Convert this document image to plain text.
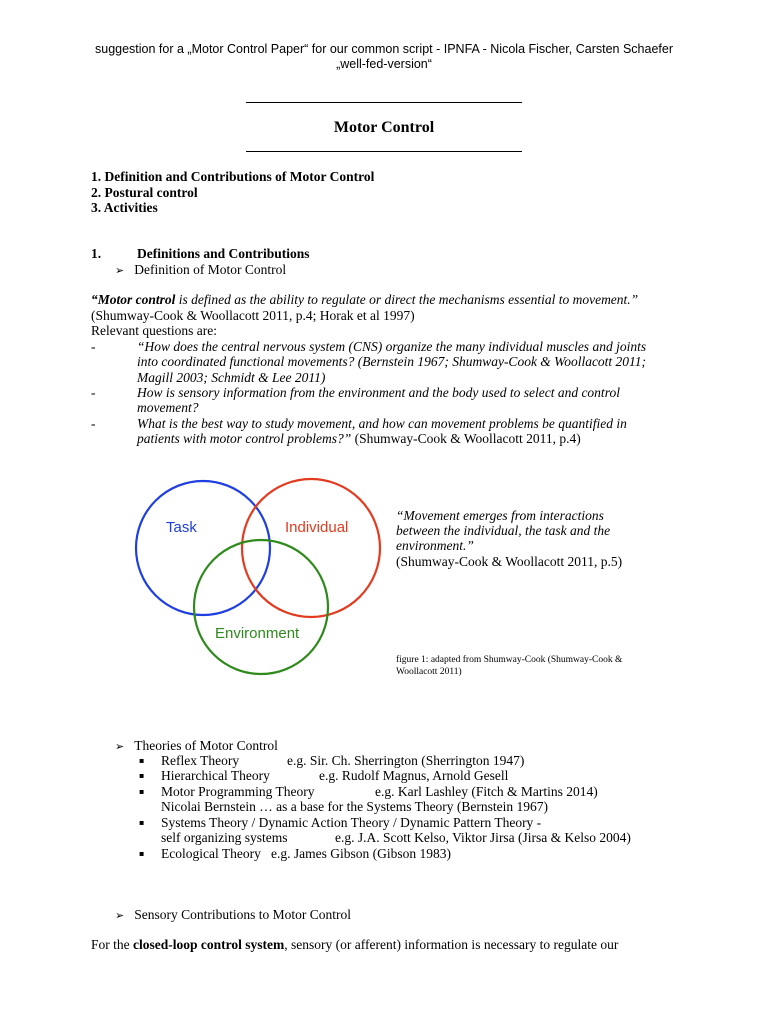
suggestion for a „Motor Control Paper“ for our common script - IPNFA - Nicola Fischer, Carsten Schaefer
„well-fed-version“
Motor Control
1. Definition and Contributions of Motor Control
2. Postural control
3. Activities
1.	Definitions and Contributions
➢ Definition of Motor Control
“Motor control is defined as the ability to regulate or direct the mechanisms essential to movement.”
(Shumway-Cook & Woollacott 2011, p.4; Horak et al 1997)
Relevant questions are:
-	“How does the central nervous system (CNS) organize the many individual muscles and joints
into coordinated functional movements? (Bernstein 1967; Shumway-Cook & Woollacott 2011;
Magill 2003; Schmidt & Lee 2011)
-	How is sensory information from the environment and the body used to select and control
movement?
-	What is the best way to study movement, and how can movement problems be quantified in
patients with motor control problems?” (Shumway-Cook & Woollacott 2011, p.4)
Task	Individual
Environment
“Movement emerges from interactions
between the individual, the task and the
environment.”
(Shumway-Cook & Woollacott 2011, p.5)
figure 1: adapted from Shumway-Cook (Shumway-Cook &
Woollacott 2011)
➢ Theories of Motor Control
▪ Reflex Theory	e.g. Sir. Ch. Sherrington (Sherrington 1947)
▪ Hierarchical Theory	e.g. Rudolf Magnus, Arnold Gesell
▪ Motor Programming Theory	e.g. Karl Lashley (Fitch & Martins 2014)
Nicolai Bernstein … as a base for the Systems Theory (Bernstein 1967)
▪ Systems Theory / Dynamic Action Theory / Dynamic Pattern Theory -
self organizing systems	e.g. J.A. Scott Kelso, Viktor Jirsa (Jirsa & Kelso 2004)
▪ Ecological Theory e.g. James Gibson (Gibson 1983)
➢ Sensory Contributions to Motor Control
For the closed-loop control system, sensory (or afferent) information is necessary to regulate our
